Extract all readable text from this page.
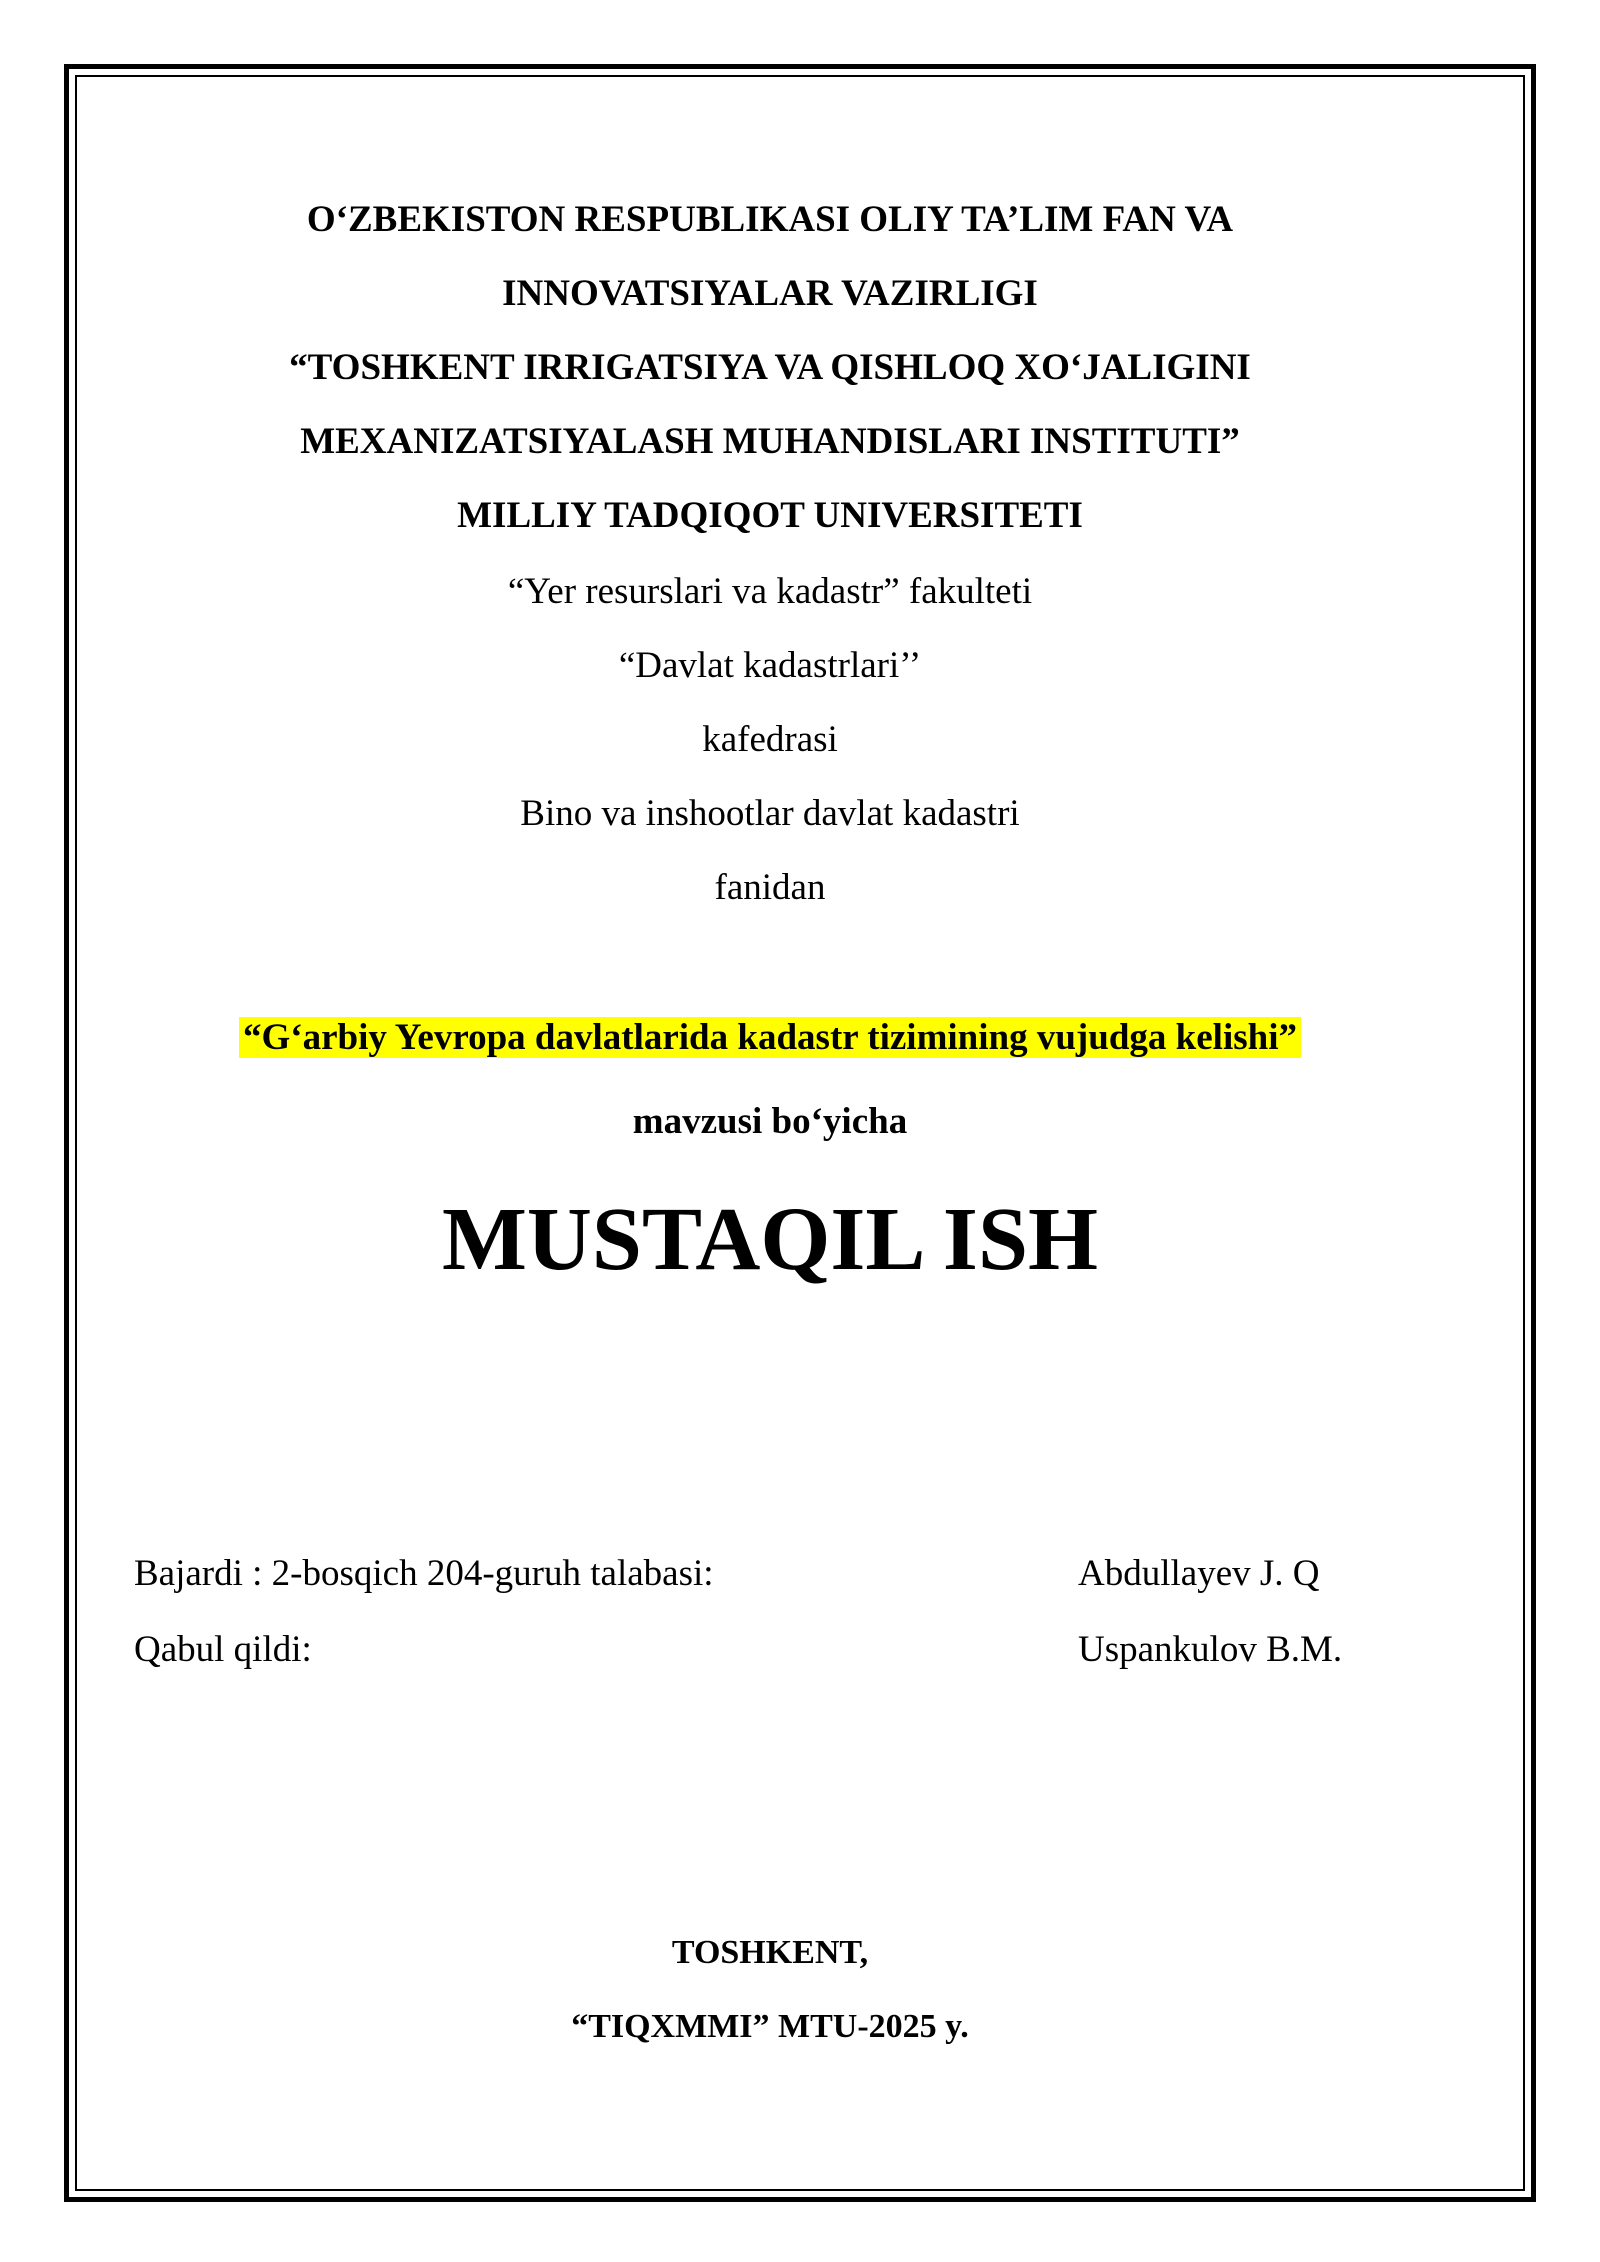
O‘ZBEKISTON RESPUBLIKASI OLIY TA’LIM FAN VA
INNOVATSIYALAR VAZIRLIGI
“TOSHKENT IRRIGATSIYA VA QISHLOQ XO‘JALIGINI
MEXANIZATSIYALASH MUHANDISLARI INSTITUTI”
MILLIY TADQIQOT UNIVERSITETI
“Yer resurslari va kadastr” fakulteti
“Davlat kadastrlari’’
kafedrasi
Bino va inshootlar davlat kadastri
fanidan
“G‘arbiy Yevropa davlatlarida kadastr tizimining vujudga kelishi”
mavzusi bo‘yicha
MUSTAQIL ISH
Bajardi : 2-bosqich 204-guruh talabasi:	Abdullayev J. Q
Qabul qildi:	Uspankulov B.M.
TOSHKENT,
“TIQXMMI” MTU-2025 y.
